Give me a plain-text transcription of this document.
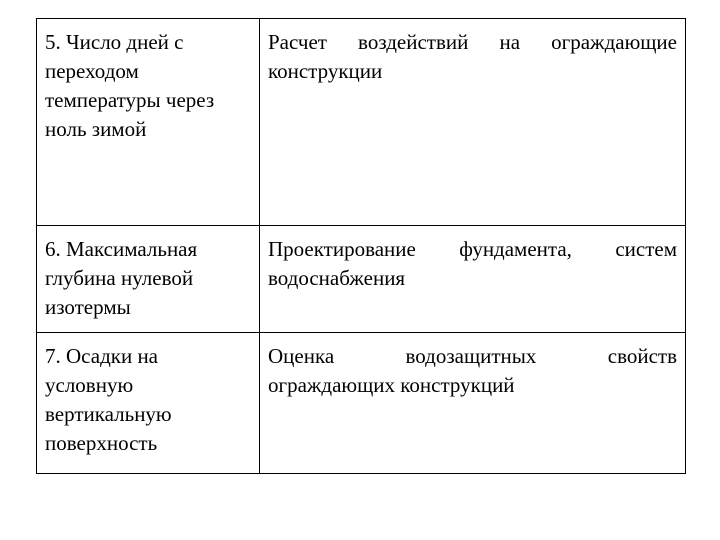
5. Число дней с
переходом
температуры через
ноль зимой	Расчет воздействий на ограждающие
конструкции

6. Максимальная
глубина нулевой
изотермы	Проектирование фундамента, систем
водоснабжения

7. Осадки на
условную
вертикальную
поверхность	Оценка водозащитных свойств
ограждающих конструкций
